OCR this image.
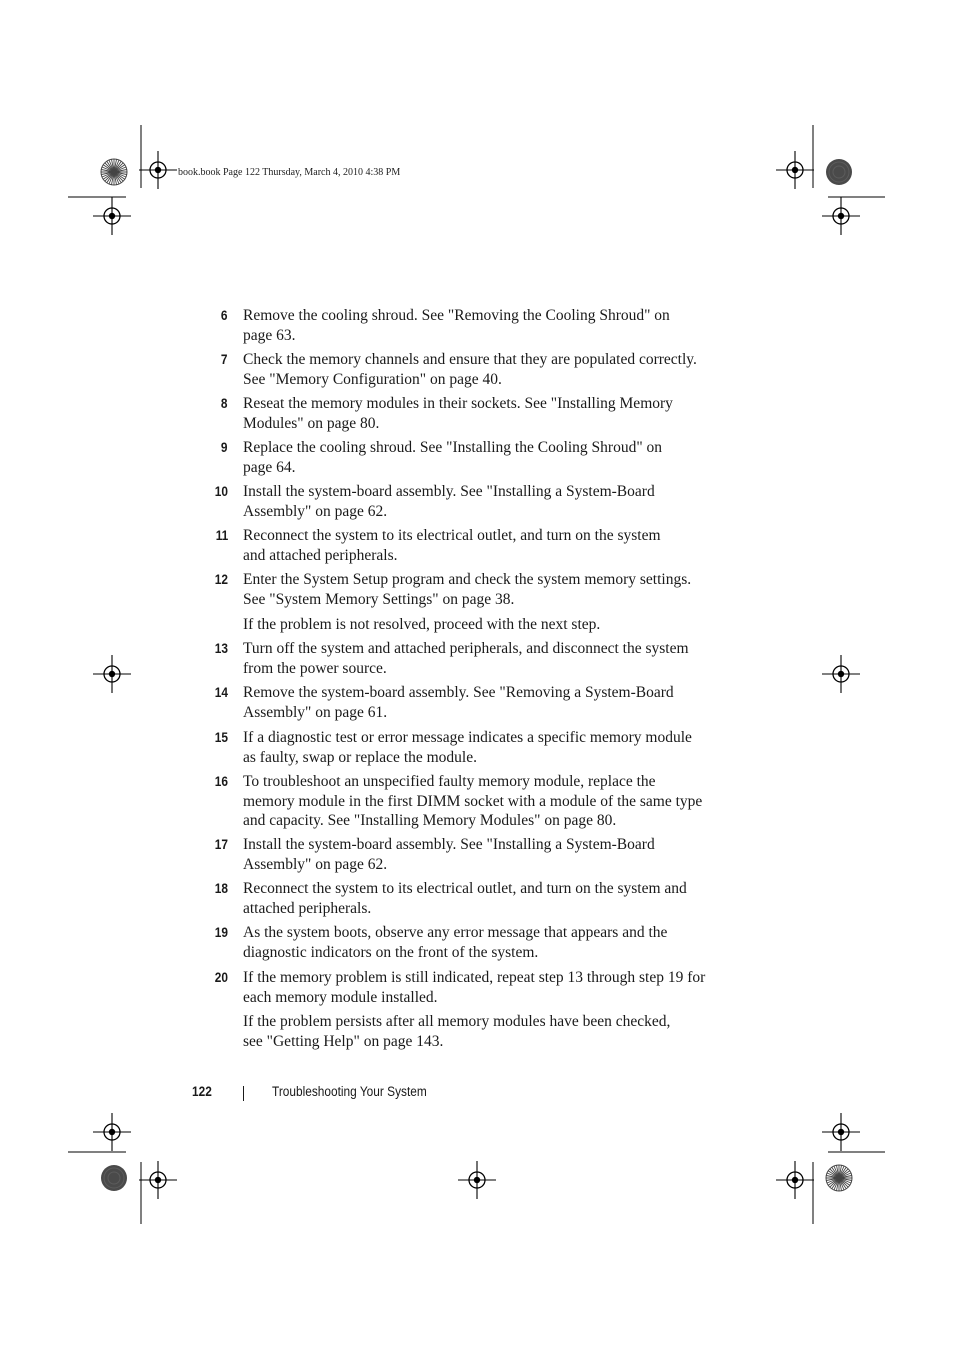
book.book Page 122 Thursday, March 4, 2010 4:38 PM
6 Remove the cooling shroud. See "Removing the Cooling Shroud" on
page 63.
7 Check the memory channels and ensure that they are populated correctly.
See "Memory Configuration" on page 40.
8 Reseat the memory modules in their sockets. See "Installing Memory
Modules" on page 80.
9 Replace the cooling shroud. See "Installing the Cooling Shroud" on
page 64.
10 Install the system-board assembly. See "Installing a System-Board
Assembly" on page 62.
11 Reconnect the system to its electrical outlet, and turn on the system
and attached peripherals.
12 Enter the System Setup program and check the system memory settings.
See "System Memory Settings" on page 38.
If the problem is not resolved, proceed with the next step.
13 Turn off the system and attached peripherals, and disconnect the system
from the power source.
14 Remove the system-board assembly. See "Removing a System-Board
Assembly" on page 61.
15 If a diagnostic test or error message indicates a specific memory module
as faulty, swap or replace the module.
16 To troubleshoot an unspecified faulty memory module, replace the
memory module in the first DIMM socket with a module of the same type
and capacity. See "Installing Memory Modules" on page 80.
17 Install the system-board assembly. See "Installing a System-Board
Assembly" on page 62.
18 Reconnect the system to its electrical outlet, and turn on the system and
attached peripherals.
19 As the system boots, observe any error message that appears and the
diagnostic indicators on the front of the system.
20 If the memory problem is still indicated, repeat step 13 through step 19 for
each memory module installed.
If the problem persists after all memory modules have been checked,
see "Getting Help" on page 143.
122	Troubleshooting Your System
